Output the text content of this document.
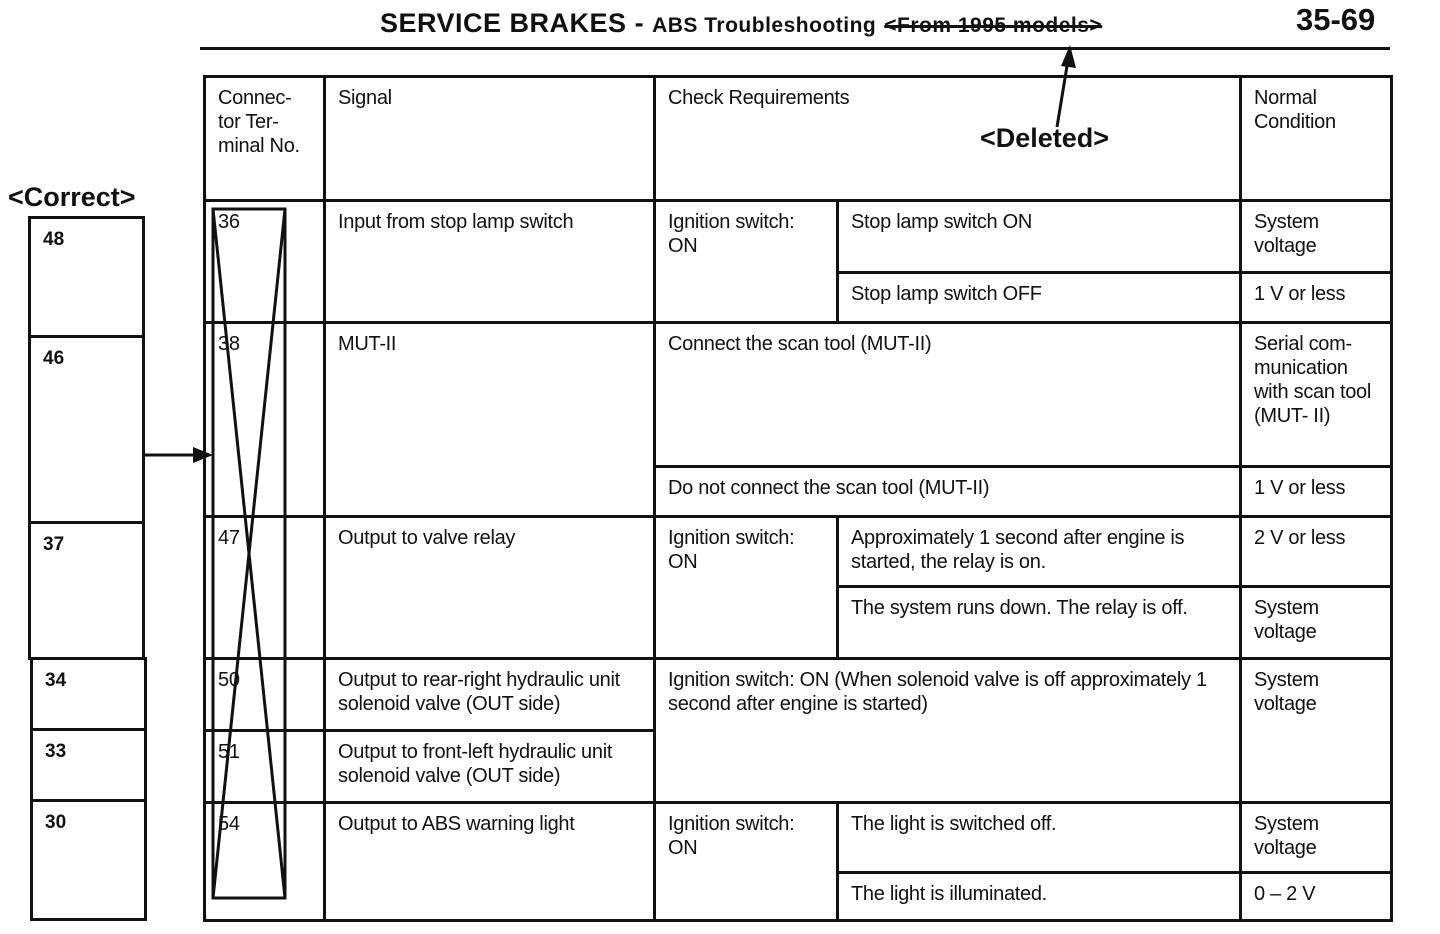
SERVICE BRAKES - ABS Troubleshooting <From 1995 models>	35-69
<Deleted>
<Correct>
48
46
37
34
33
30
Connec- tor Ter- minal No.	Signal	Check Requirements		Normal Condition
36	Input from stop lamp switch	Ignition switch: ON	Stop lamp switch ON	System voltage
			Stop lamp switch OFF	1 V or less
38	MUT-II	Connect the scan tool (MUT-II)		Serial com- munication with scan tool (MUT- II)
		Do not connect the scan tool (MUT-II)		1 V or less
47	Output to valve relay	Ignition switch: ON	Approximately 1 second after engine is started, the relay is on.	2 V or less
			The system runs down. The relay is off.	System voltage
50	Output to rear-right hydraulic unit solenoid valve (OUT side)	Ignition switch: ON (When solenoid valve is off approximately 1 second after engine is started)		System voltage
51	Output to front-left hydraulic unit solenoid valve (OUT side)			
54	Output to ABS warning light	Ignition switch: ON	The light is switched off.	System voltage
			The light is illuminated.	0 – 2 V
